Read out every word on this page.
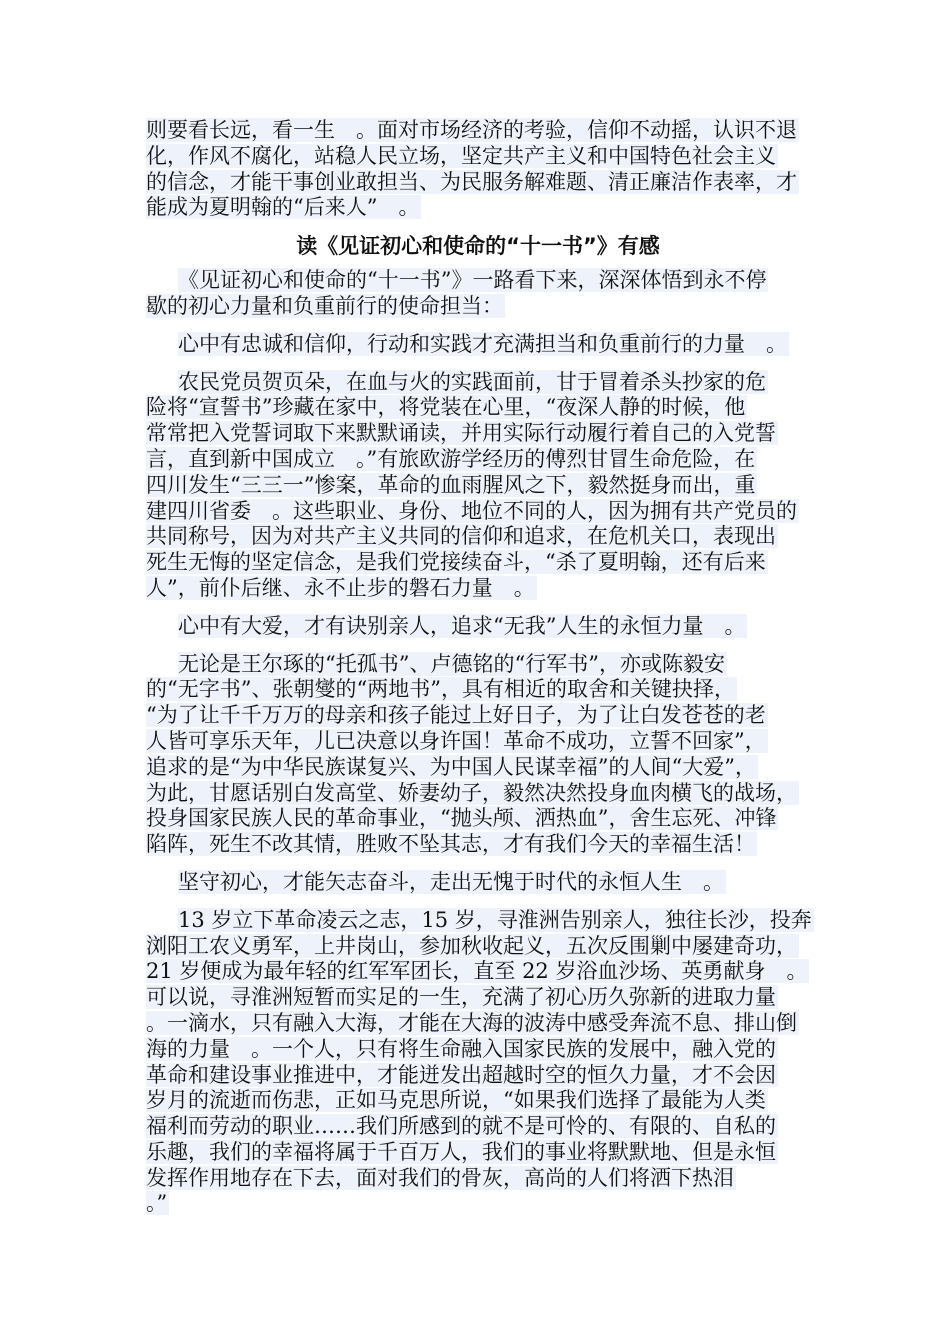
则要看长远，看一生　。面对市场经济的考验，信仰不动摇，认识不退
化，作风不腐化，站稳人民立场，坚定共产主义和中国特色社会主义
的信念，才能干事创业敢担当、为民服务解难题、清正廉洁作表率，才
能成为夏明翰的“后来人”　。
读《见证初心和使命的“十一书”》有感
《见证初心和使命的“十一书”》一路看下来，深深体悟到永不停
歇的初心力量和负重前行的使命担当：
心中有忠诚和信仰，行动和实践才充满担当和负重前行的力量　。
农民党员贺页朵，在血与火的实践面前，甘于冒着杀头抄家的危
险将“宣誓书”珍藏在家中，将党装在心里，“夜深人静的时候，他
常常把入党誓词取下来默默诵读，并用实际行动履行着自己的入党誓
言，直到新中国成立　。”有旅欧游学经历的傅烈甘冒生命危险，在
四川发生“三三一”惨案，革命的血雨腥风之下，毅然挺身而出，重
建四川省委　。这些职业、身份、地位不同的人，因为拥有共产党员的
共同称号，因为对共产主义共同的信仰和追求，在危机关口，表现出
死生无悔的坚定信念，是我们党接续奋斗，“杀了夏明翰，还有后来
人”，前仆后继、永不止步的磐石力量　。
心中有大爱，才有诀别亲人，追求“无我”人生的永恒力量　。
无论是王尔琢的“托孤书”、卢德铭的“行军书”，亦或陈毅安
的“无字书”、张朝燮的“两地书”，具有相近的取舍和关键抉择，
“为了让千千万万的母亲和孩子能过上好日子，为了让白发苍苍的老
人皆可享乐天年，儿已决意以身许国！革命不成功，立誓不回家”，
追求的是“为中华民族谋复兴、为中国人民谋幸福”的人间“大爱”，
为此，甘愿话别白发高堂、娇妻幼子，毅然决然投身血肉横飞的战场，
投身国家民族人民的革命事业，“抛头颅、洒热血”，舍生忘死、冲锋
陷阵，死生不改其情，胜败不坠其志，才有我们今天的幸福生活！
坚守初心，才能矢志奋斗，走出无愧于时代的永恒人生　。
13 岁立下革命凌云之志，15 岁，寻淮洲告别亲人，独往长沙，投奔
浏阳工农义勇军，上井岗山，参加秋收起义，五次反围剿中屡建奇功，
21 岁便成为最年轻的红军军团长，直至 22 岁浴血沙场、英勇献身　。
可以说，寻淮洲短暂而实足的一生，充满了初心历久弥新的进取力量
。一滴水，只有融入大海，才能在大海的波涛中感受奔流不息、排山倒
海的力量　。一个人，只有将生命融入国家民族的发展中，融入党的
革命和建设事业推进中，才能迸发出超越时空的恒久力量，才不会因
岁月的流逝而伤悲，正如马克思所说，“如果我们选择了最能为人类
福利而劳动的职业……我们所感到的就不是可怜的、有限的、自私的
乐趣，我们的幸福将属于千百万人，我们的事业将默默地、但是永恒
发挥作用地存在下去，面对我们的骨灰，高尚的人们将洒下热泪
。”
